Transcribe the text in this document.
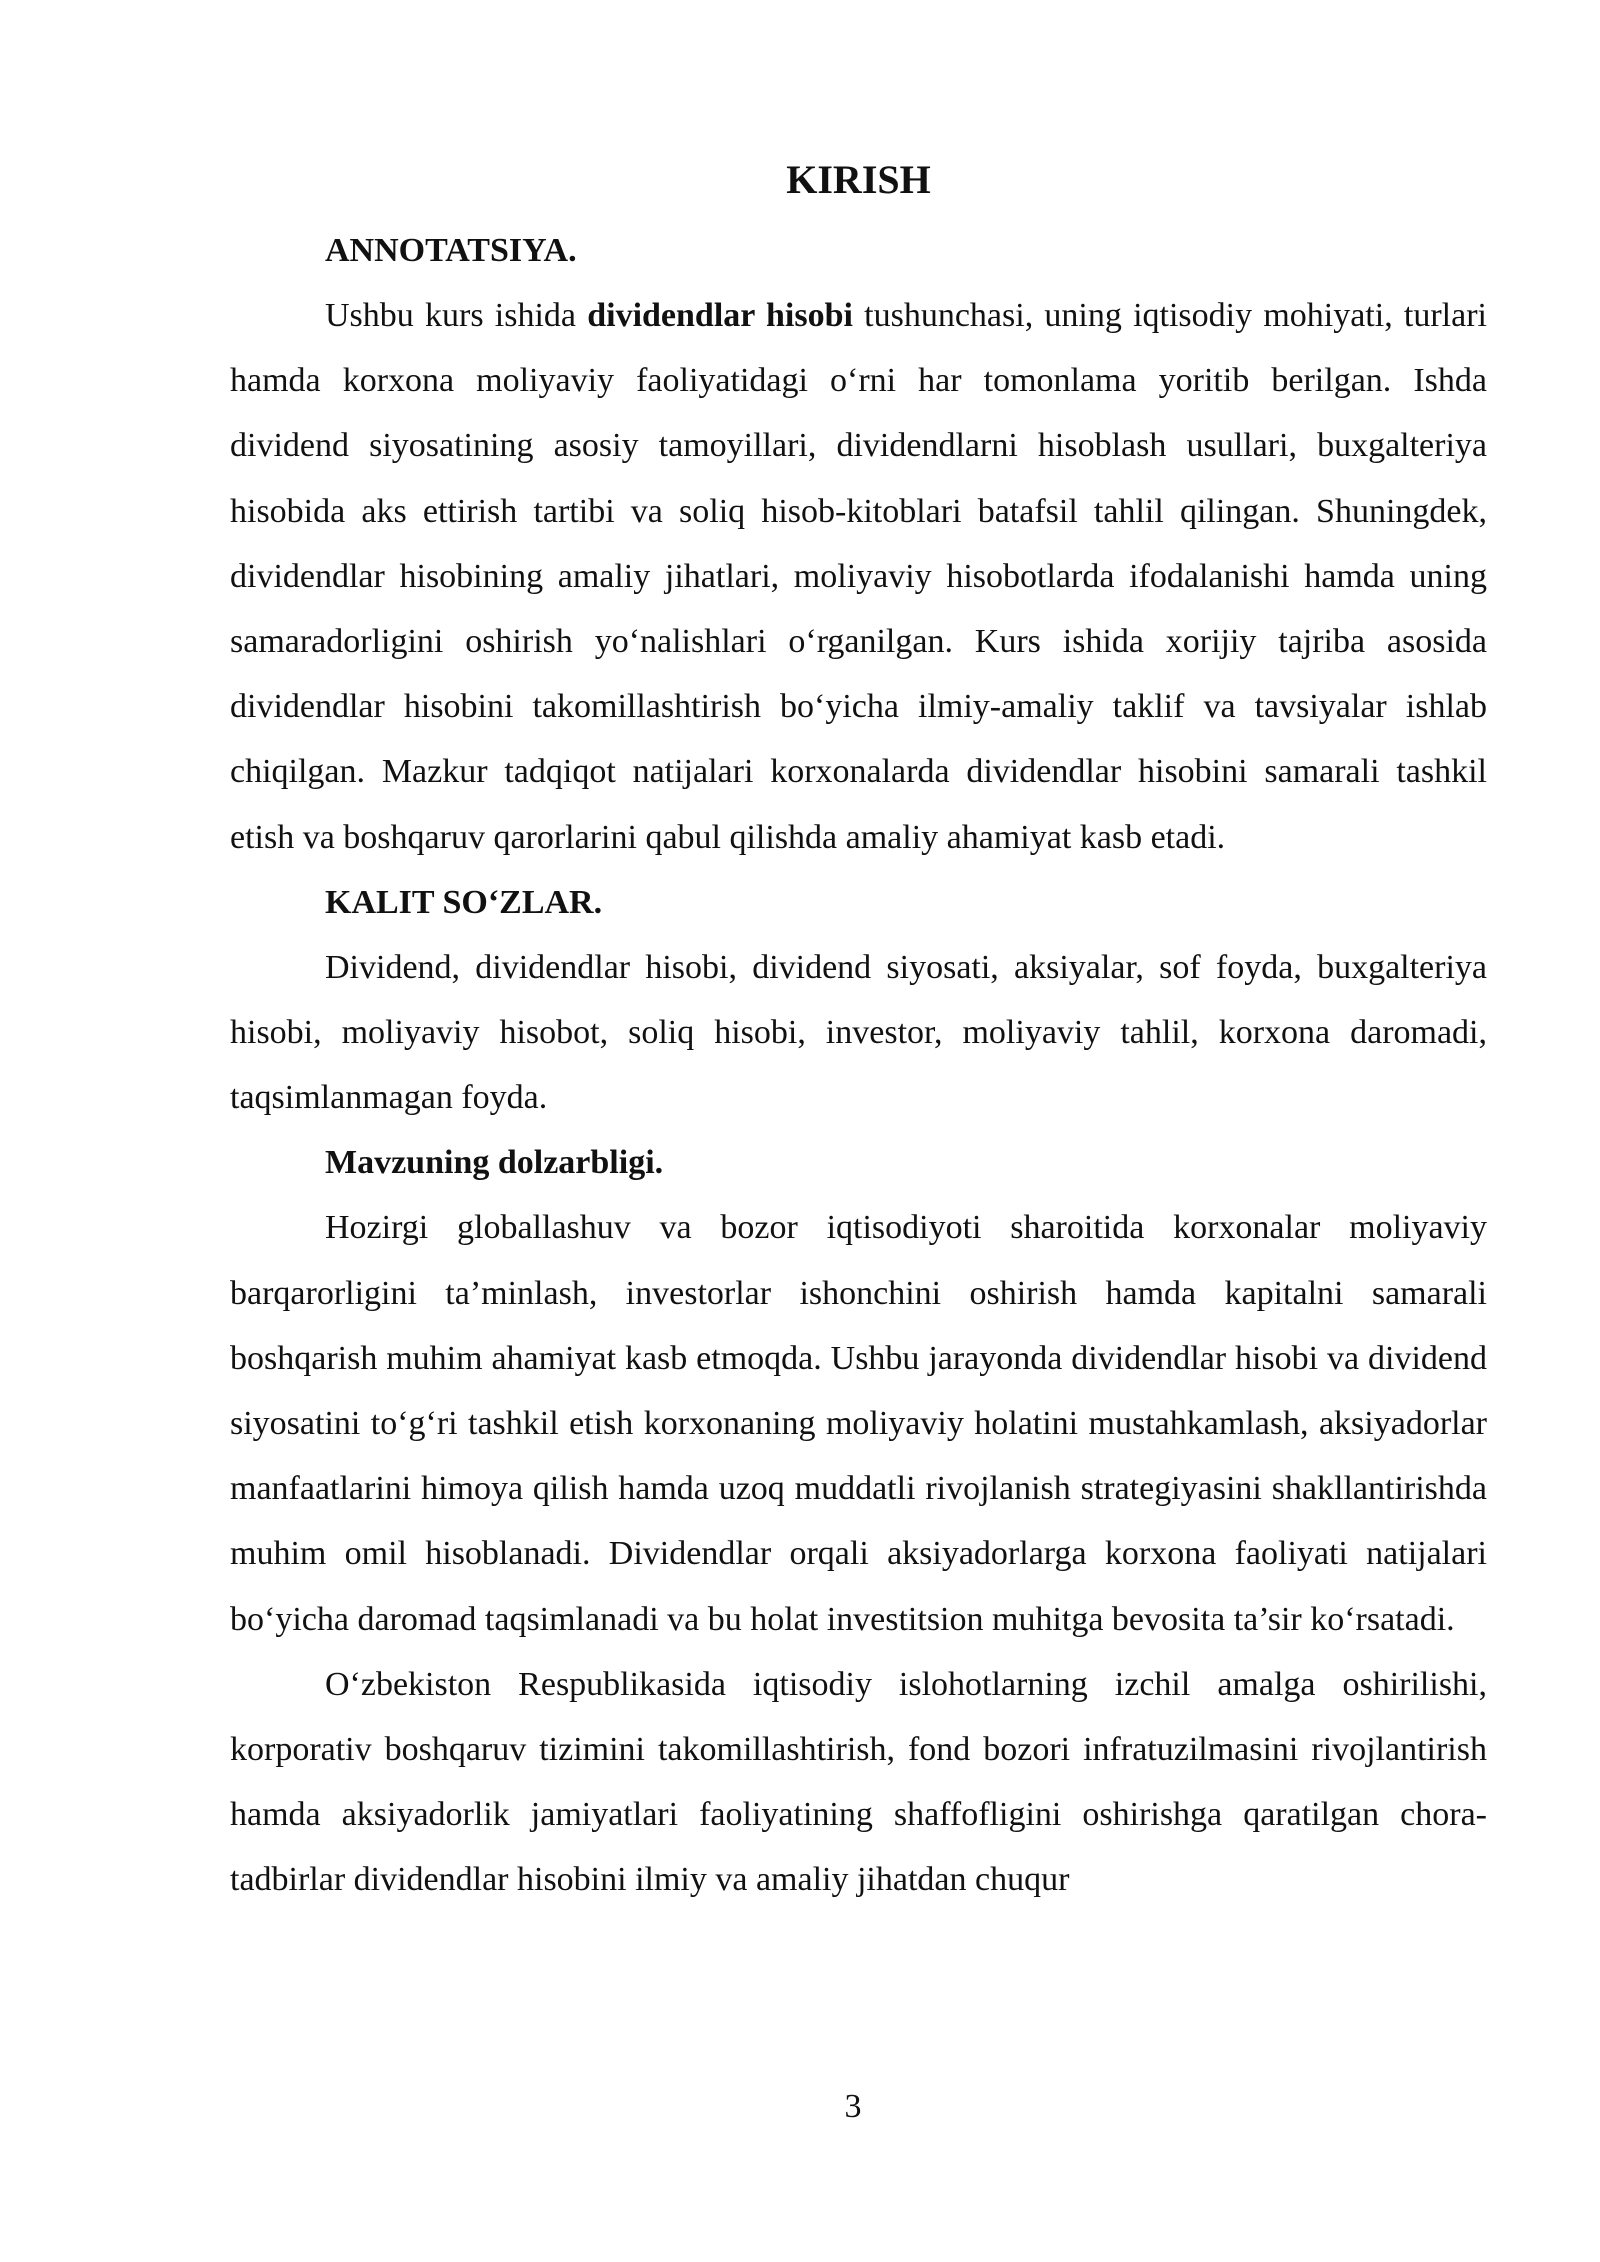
KIRISH

ANNOTATSIYA.

Ushbu kurs ishida dividendlar hisobi tushunchasi, uning iqtisodiy mohiyati, turlari hamda korxona moliyaviy faoliyatidagi o‘rni har tomonlama yoritib berilgan. Ishda dividend siyosatining asosiy tamoyillari, dividendlarni hisoblash usullari, buxgalteriya hisobida aks ettirish tartibi va soliq hisob-kitoblari batafsil tahlil qilingan. Shuningdek, dividendlar hisobining amaliy jihatlari, moliyaviy hisobotlarda ifodalanishi hamda uning samaradorligini oshirish yo‘nalishlari o‘rganilgan. Kurs ishida xorijiy tajriba asosida dividendlar hisobini takomillashtirish bo‘yicha ilmiy-amaliy taklif va tavsiyalar ishlab chiqilgan. Mazkur tadqiqot natijalari korxonalarda dividendlar hisobini samarali tashkil etish va boshqaruv qarorlarini qabul qilishda amaliy ahamiyat kasb etadi.

KALIT SO‘ZLAR.

Dividend, dividendlar hisobi, dividend siyosati, aksiyalar, sof foyda, buxgalteriya hisobi, moliyaviy hisobot, soliq hisobi, investor, moliyaviy tahlil, korxona daromadi, taqsimlanmagan foyda.

Mavzuning dolzarbligi.

Hozirgi globallashuv va bozor iqtisodiyoti sharoitida korxonalar moliyaviy barqarorligini ta’minlash, investorlar ishonchini oshirish hamda kapitalni samarali boshqarish muhim ahamiyat kasb etmoqda. Ushbu jarayonda dividendlar hisobi va dividend siyosatini to‘g‘ri tashkil etish korxonaning moliyaviy holatini mustahkamlash, aksiyadorlar manfaatlarini himoya qilish hamda uzoq muddatli rivojlanish strategiyasini shakllantirishda muhim omil hisoblanadi. Dividendlar orqali aksiyadorlarga korxona faoliyati natijalari bo‘yicha daromad taqsimlanadi va bu holat investitsion muhitga bevosita ta’sir ko‘rsatadi.

O‘zbekiston Respublikasida iqtisodiy islohotlarning izchil amalga oshirilishi, korporativ boshqaruv tizimini takomillashtirish, fond bozori infratuzilmasini rivojlantirish hamda aksiyadorlik jamiyatlari faoliyatining shaffofligini oshirishga qaratilgan chora-tadbirlar dividendlar hisobini ilmiy va amaliy jihatdan chuqur

3
